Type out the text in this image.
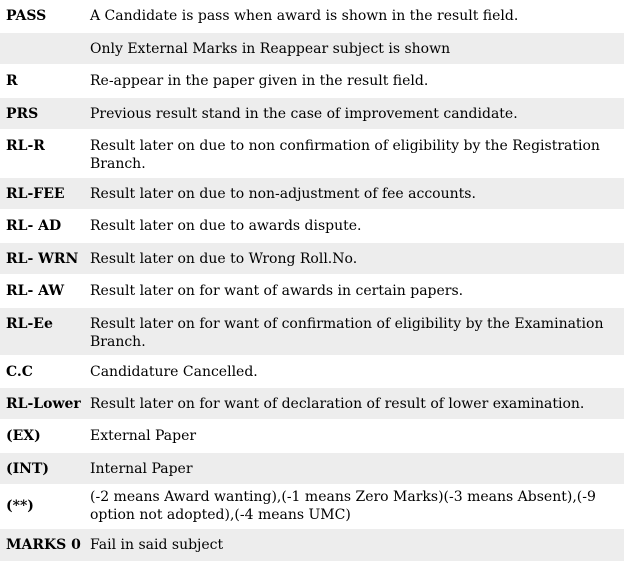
PASS	A Candidate is pass when award is shown in the result field.
	Only External Marks in Reappear subject is shown
R	Re-appear in the paper given in the result field.
PRS	Previous result stand in the case of improvement candidate.
RL-R	Result later on due to non confirmation of eligibility by the Registration Branch.
RL-FEE	Result later on due to non-adjustment of fee accounts.
RL- AD	Result later on due to awards dispute.
RL- WRN	Result later on due to Wrong Roll.No.
RL- AW	Result later on for want of awards in certain papers.
RL-Ee	Result later on for want of confirmation of eligibility by the Examination Branch.
C.C	Candidature Cancelled.
RL-Lower	Result later on for want of declaration of result of lower examination.
(EX)	External Paper
(INT)	Internal Paper
(**)	(-2 means Award wanting),(-1 means Zero Marks)(-3 means Absent),(-9 option not adopted),(-4 means UMC)
MARKS 0	Fail in said subject
